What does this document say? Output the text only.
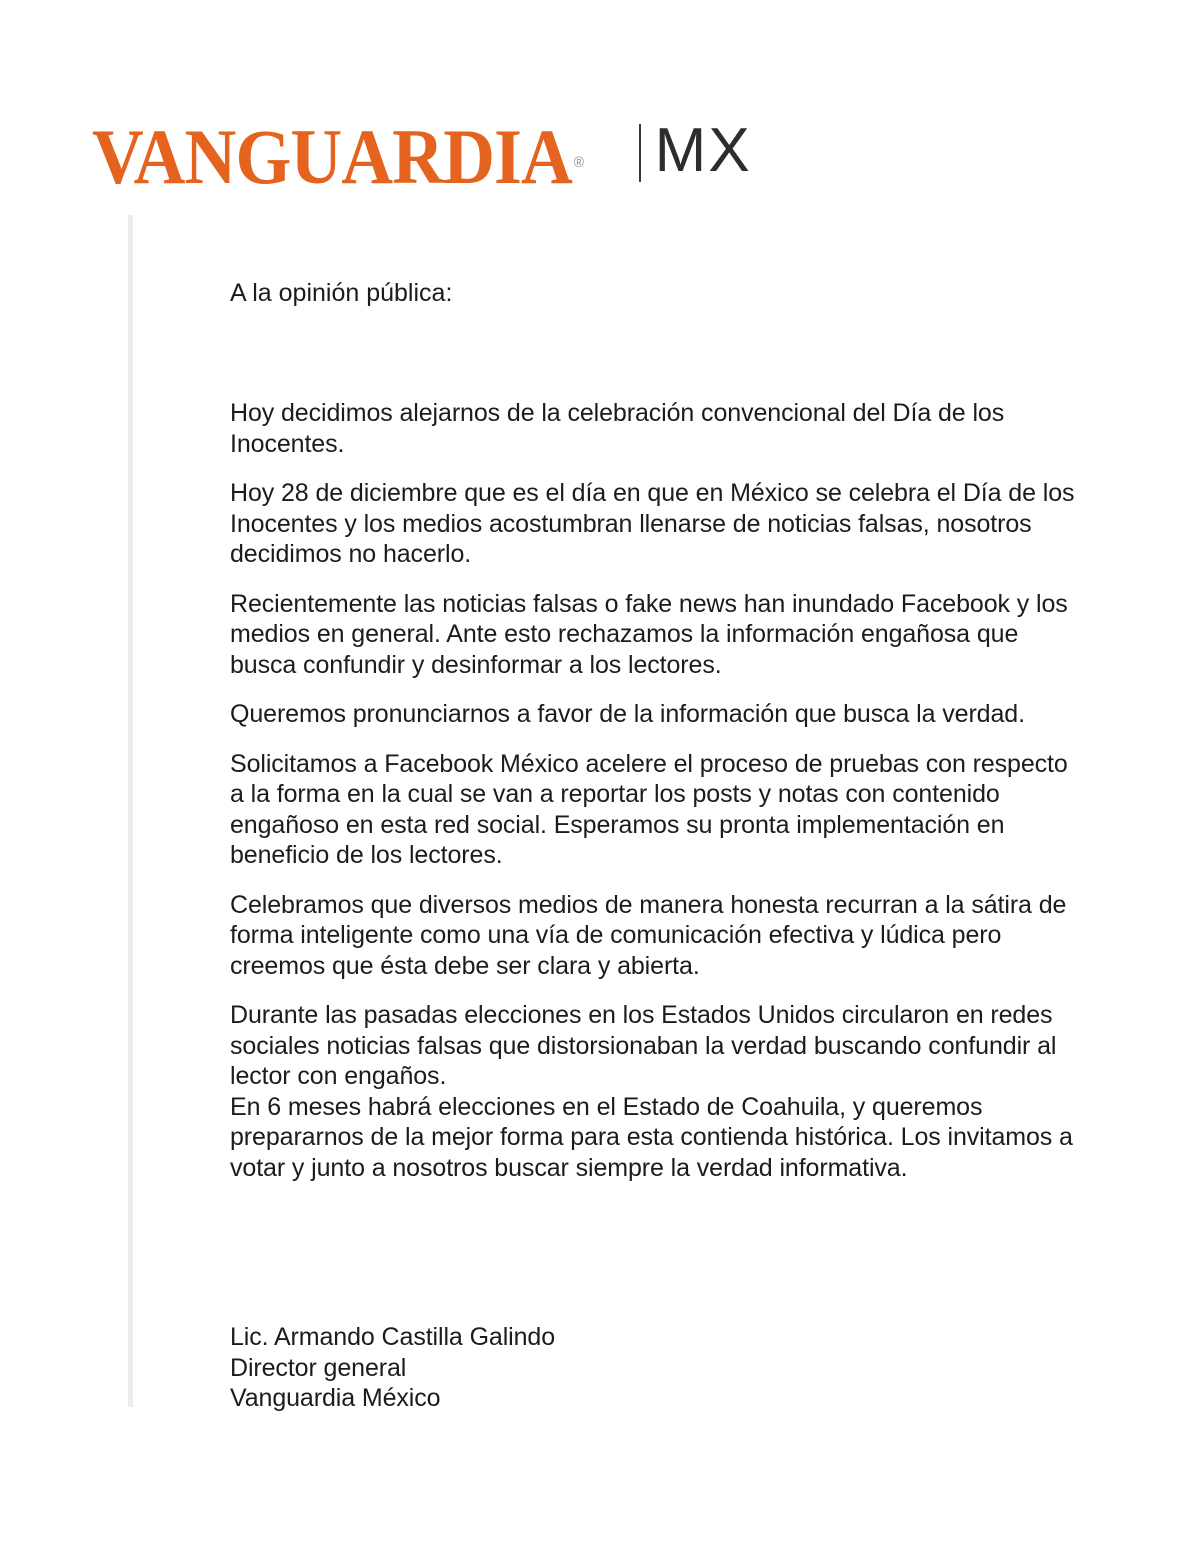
VANGUARDIA ® MX

A la opinión pública:

Hoy decidimos alejarnos de la celebración convencional del Día de los Inocentes.

Hoy 28 de diciembre que es el día en que en México se celebra el Día de los Inocentes y los medios acostumbran llenarse de noticias falsas, nosotros decidimos no hacerlo.

Recientemente las noticias falsas o fake news han inundado Facebook y los medios en general. Ante esto rechazamos la información engañosa que busca confundir y desinformar a los lectores.

Queremos pronunciarnos a favor de la información que busca la verdad.

Solicitamos a Facebook México acelere el proceso de pruebas con respecto a la forma en la cual se van a reportar los posts y notas con contenido engañoso en esta red social. Esperamos su pronta implementación en beneficio de los lectores.

Celebramos que diversos medios de manera honesta recurran a la sátira de forma inteligente como una vía de comunicación efectiva y lúdica pero creemos que ésta debe ser clara y abierta.

Durante las pasadas elecciones en los Estados Unidos circularon en redes sociales noticias falsas que distorsionaban la verdad buscando confundir al lector con engaños.

En 6 meses habrá elecciones en el Estado de Coahuila, y queremos prepararnos de la mejor forma para esta contienda histórica. Los invitamos a votar y junto a nosotros buscar siempre la verdad informativa.

Lic. Armando Castilla Galindo

Director general

Vanguardia México
